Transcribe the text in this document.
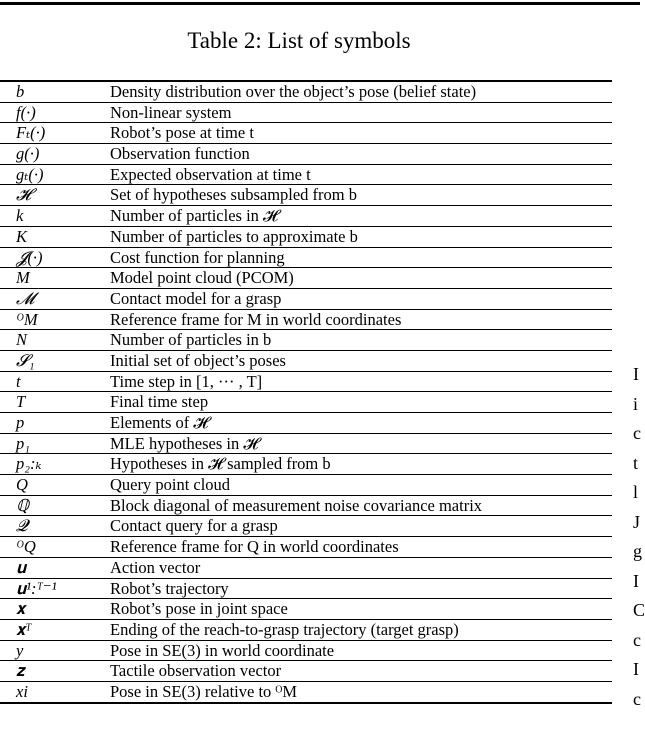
Table 2: List of symbols
b	Density distribution over the object’s pose (belief state)
f(·)	Non-linear system
Fₜ(·)	Robot’s pose at time t
g(·)	Observation function
gₜ(·)	Expected observation at time t
𝓗	Set of hypotheses subsampled from b
k	Number of particles in 𝓗
K	Number of particles to approximate b
𝓙(·)	Cost function for planning
M	Model point cloud (PCOM)
𝓜	Contact model for a grasp
ᴼM	Reference frame for M in world coordinates
N	Number of particles in b
𝓢₁	Initial set of object’s poses
t	Time step in [1, ··· , T]
T	Final time step
p	Elements of 𝓗
p₁	MLE hypotheses in 𝓗
p₂:ₖ	Hypotheses in 𝓗 sampled from b
Q	Query point cloud
ℚ	Block diagonal of measurement noise covariance matrix
𝓠	Contact query for a grasp
ᴼQ	Reference frame for Q in world coordinates
𝐮	Action vector
𝐮¹:ᵀ⁻¹	Robot’s trajectory
𝐱	Robot’s pose in joint space
𝐱ᵀ	Ending of the reach-to-grasp trajectory (target grasp)
y	Pose in SE(3) in world coordinate
𝐳	Tactile observation vector
xi	Pose in SE(3) relative to ᴼM
I
i
c
t
l
J
g
I
C
c
I
c
